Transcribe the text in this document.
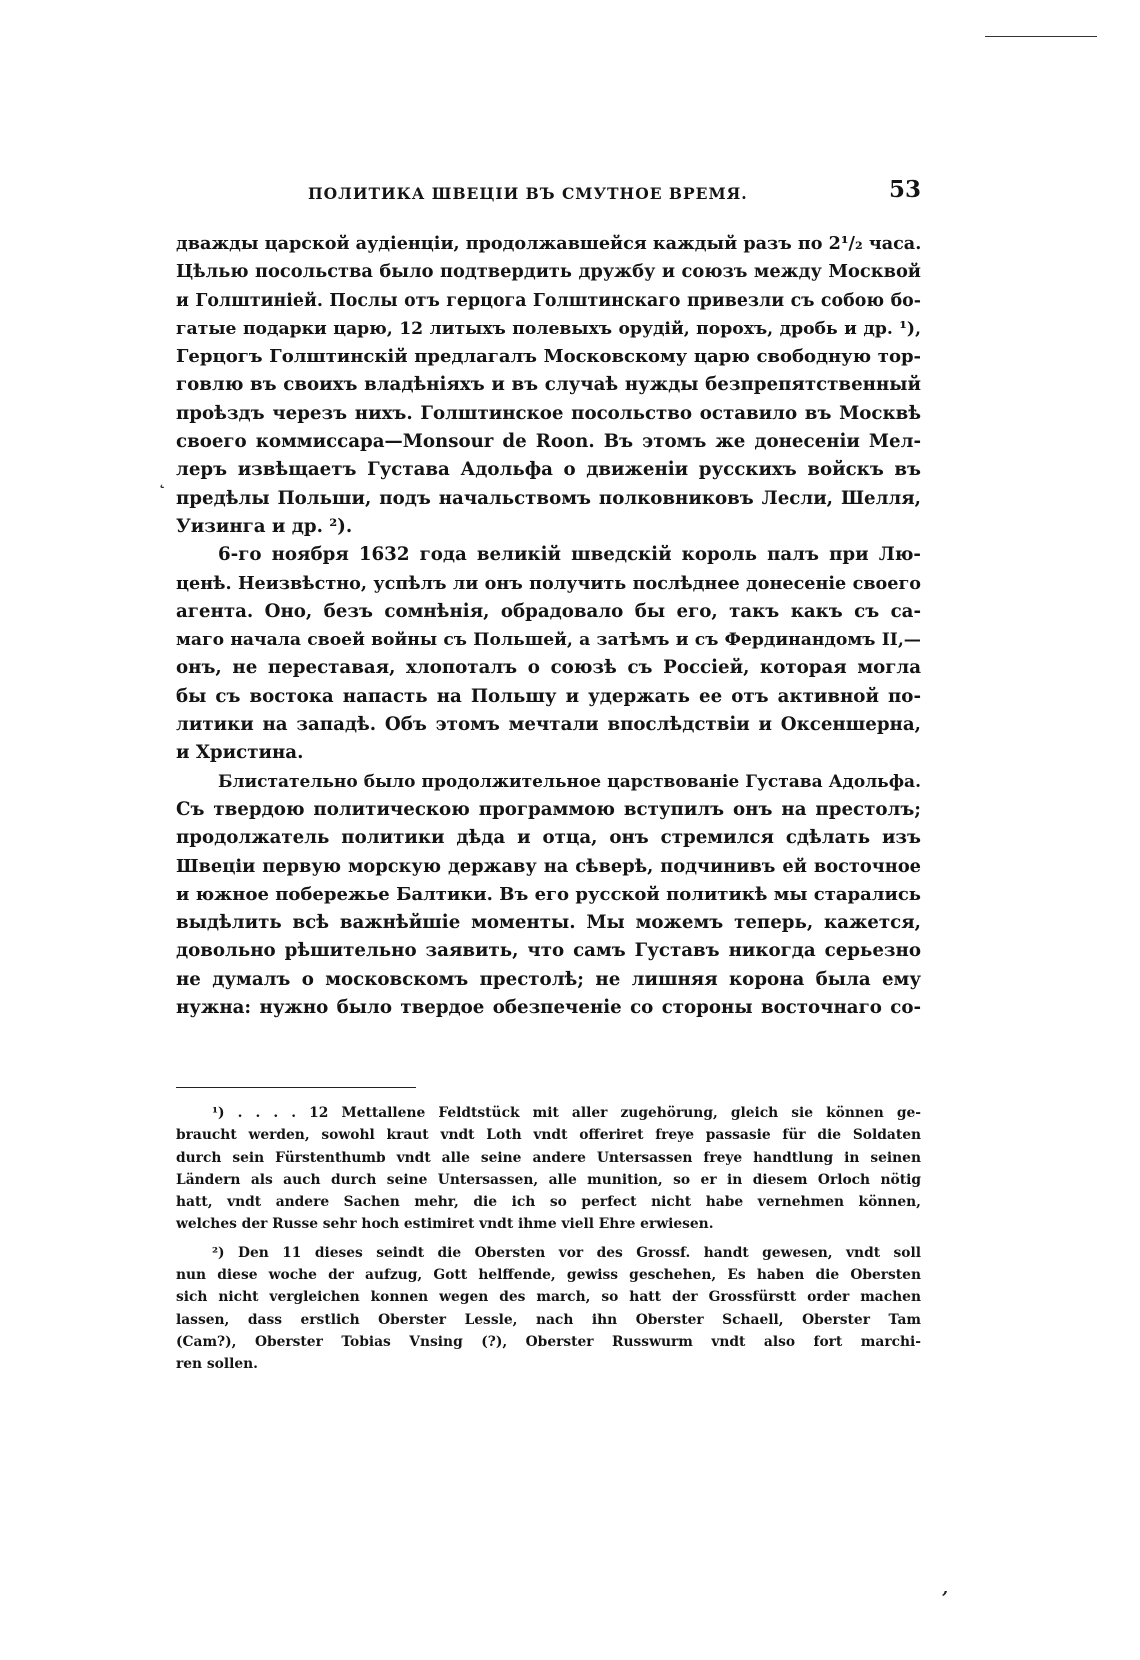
ПОЛИТИКА ШВЕЦІИ ВЪ СМУТНОЕ ВРЕМЯ.	53
дважды царской аудіенціи, продолжавшейся каждый разъ по 2¹/₂ часа.
Цѣлью посольства было подтвердить дружбу и союзъ между Москвой
и Голштиніей. Послы отъ герцога Голштинскаго привезли съ собою бо-
гатые подарки царю, 12 литыхъ полевыхъ орудій, порохъ, дробь и др. ¹),
Герцогъ Голштинскій предлагалъ Московскому царю свободную тор-
говлю въ своихъ владѣніяхъ и въ случаѣ нужды безпрепятственный
проѣздъ черезъ нихъ. Голштинское посольство оставило въ Москвѣ
своего коммиссара—Monsour de Roon. Въ этомъ же донесеніи Мел-
леръ извѣщаетъ Густава Адольфа о движеніи русскихъ войскъ въ
предѣлы Польши, подъ начальствомъ полковниковъ Лесли, Шелля,
Уизинга и др. ²).
6-го ноября 1632 года великій шведскій король палъ при Лю-
ценѣ. Неизвѣстно, успѣлъ ли онъ получить послѣднее донесеніе своего
агента. Оно, безъ сомнѣнія, обрадовало бы его, такъ какъ съ са-
маго начала своей войны съ Польшей, а затѣмъ и съ Фердинандомъ II,—
онъ, не переставая, хлопоталъ о союзѣ съ Россіей, которая могла
бы съ востока напасть на Польшу и удержать ее отъ активной по-
литики на западѣ. Объ этомъ мечтали впослѣдствіи и Оксеншерна,
и Христина.
Блистательно было продолжительное царствованіе Густава Адольфа.
Съ твердою политическою программою вступилъ онъ на престолъ;
продолжатель политики дѣда и отца, онъ стремился сдѣлать изъ
Швеціи первую морскую державу на сѣверѣ, подчинивъ ей восточное
и южное побережье Балтики. Въ его русской политикѣ мы старались
выдѣлить всѣ важнѣйшіе моменты. Мы можемъ теперь, кажется,
довольно рѣшительно заявить, что самъ Густавъ никогда серьезно
не думалъ о московскомъ престолѣ; не лишняя корона была ему
нужна: нужно было твердое обезпеченіе со стороны восточнаго со-
¹) . . . . 12 Mettallene Feldtstück mit aller zugehörung, gleich sie können ge-
braucht werden, sowohl kraut vndt Loth vndt offeriret freye passasie für die Soldaten
durch sein Fürstenthumb vndt alle seine andere Untersassen freye handtlung in seinen
Ländern als auch durch seine Untersassen, alle munition, so er in diesem Orloch nötig
hatt, vndt andere Sachen mehr, die ich so perfect nicht habe vernehmen können,
welches der Russe sehr hoch estimiret vndt ihme viell Ehre erwiesen.
²) Den 11 dieses seindt die Obersten vor des Grossf. handt gewesen, vndt soll
nun diese woche der aufzug, Gott helffende, gewiss geschehen, Es haben die Obersten
sich nicht vergleichen konnen wegen des march, so hatt der Grossfürstt order machen
lassen, dass erstlich Oberster Lessle, nach ihn Oberster Schaell, Oberster Tam
(Cam?), Oberster Tobias Vnsing (?), Oberster Russwurm vndt also fort marchi-
ren sollen.
˛
‚
